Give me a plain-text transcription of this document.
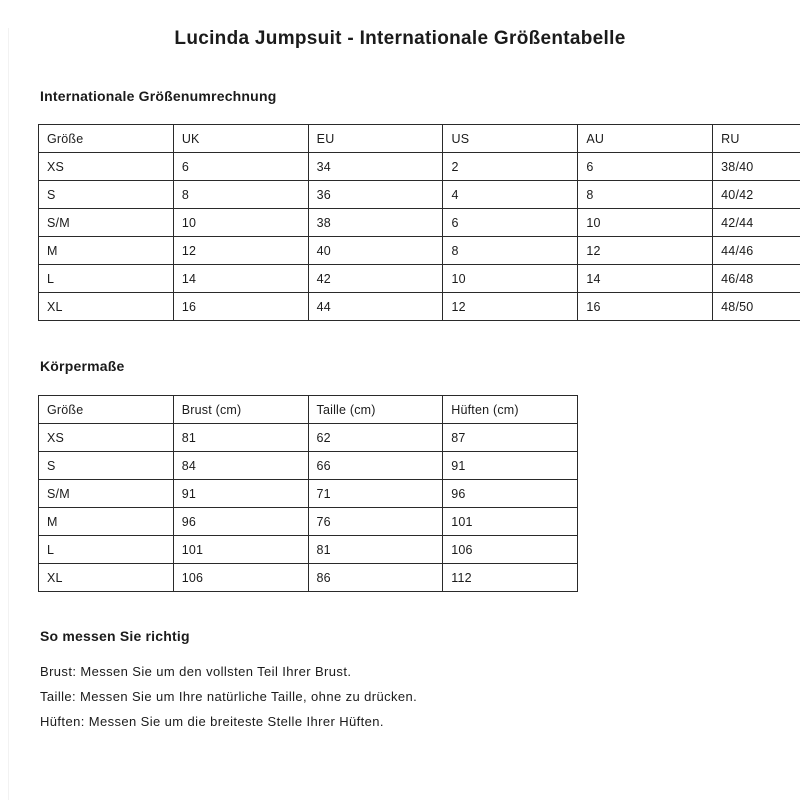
Lucinda Jumpsuit - Internationale Größentabelle
Internationale Größenumrechnung
Größe	UK	EU	US	AU	RU
XS	6	34	2	6	38/40
S	8	36	4	8	40/42
S/M	10	38	6	10	42/44
M	12	40	8	12	44/46
L	14	42	10	14	46/48
XL	16	44	12	16	48/50
Körpermaße
Größe	Brust (cm)	Taille (cm)	Hüften (cm)
XS	81	62	87
S	84	66	91
S/M	91	71	96
M	96	76	101
L	101	81	106
XL	106	86	112
So messen Sie richtig

Brust: Messen Sie um den vollsten Teil Ihrer Brust.

Taille: Messen Sie um Ihre natürliche Taille, ohne zu drücken.

Hüften: Messen Sie um die breiteste Stelle Ihrer Hüften.
